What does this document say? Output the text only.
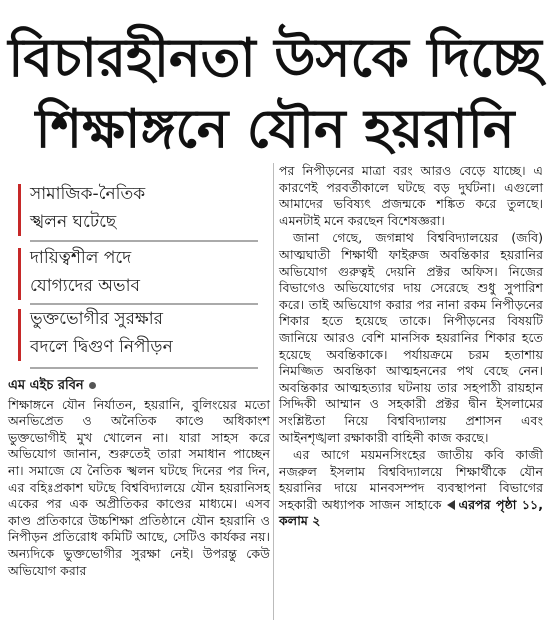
বিচারহীনতা উসকে দিচ্ছে
শিক্ষাঙ্গনে যৌন হয়রানি
সামাজিক-নৈতিক
স্খলন ঘটেছে
দায়িত্বশীল পদে
যোগ্যদের অভাব
ভুক্তভোগীর সুরক্ষার
বদলে দ্বিগুণ নিপীড়ন
এম এইচ রবিন

শিক্ষাঙ্গনে যৌন নির্যাতন, হয়রানি, বুলিংয়ের মতো অনভিপ্রেত ও অনৈতিক কাণ্ডে অধিকাংশ ভুক্তভোগীই মুখ খোলেন না। যারা সাহস করে অভিযোগ জানান, শুরুতেই তারা সমাধান পাচ্ছেন না। সমাজে যে নৈতিক স্খলন ঘটছে দিনের পর দিন, এর বহিঃপ্রকাশ ঘটছে বিশ্ববিদ্যালয়ে যৌন হয়রানিসহ একের পর এক অপ্রীতিকর কাণ্ডের মাধ্যমে। এসব কাণ্ড প্রতিকারে উচ্চশিক্ষা প্রতিষ্ঠানে যৌন হয়রানি ও নিপীড়ন প্রতিরোধ কমিটি আছে, সেটিও কার্যকর নয়। অন্যদিকে ভুক্তভোগীর সুরক্ষা নেই। উপরন্তু কেউ অভিযোগ করার

পর নিপীড়নের মাত্রা বরং আরও বেড়ে যাচ্ছে। এ কারণেই পরবর্তীকালে ঘটছে বড় দুর্ঘটনা। এগুলো আমাদের ভবিষ্যৎ প্রজন্মকে শঙ্কিত করে তুলছে। এমনটাই মনে করছেন বিশেষজ্ঞরা।

জানা গেছে, জগন্নাথ বিশ্ববিদ্যালয়ের (জবি) আত্মঘাতী শিক্ষার্থী ফাইরুজ অবন্তিকার হয়রানির অভিযোগ গুরুত্বই দেয়নি প্রক্টর অফিস। নিজের বিভাগেও অভিযোগের দায় সেরেছে শুধু সুপারিশ করে। তাই অভিযোগ করার পর নানা রকম নিপীড়নের শিকার হতে হয়েছে তাকে। নিপীড়নের বিষয়টি জানিয়ে আরও বেশি মানসিক হয়রানির শিকার হতে হয়েছে অবন্তিকাকে। পর্যায়ক্রমে চরম হতাশায় নিমজ্জিত অবন্তিকা আত্মহননের পথ বেছে নেন। অবন্তিকার আত্মহত্যার ঘটনায় তার সহপাঠী রায়হান সিদ্দিকী আম্মান ও সহকারী প্রক্টর দ্বীন ইসলামের সংশ্লিষ্টতা নিয়ে বিশ্ববিদ্যালয় প্রশাসন এবং আইনশৃঙ্খলা রক্ষাকারী বাহিনী কাজ করছে।

এর আগে ময়মনসিংহের জাতীয় কবি কাজী নজরুল ইসলাম বিশ্ববিদ্যালয়ে শিক্ষার্থীকে যৌন হয়রানির দায়ে মানবসম্পদ ব্যবস্থাপনা বিভাগের সহকারী অধ্যাপক সাজন সাহাকে এরপর পৃষ্ঠা ১১, কলাম ২
